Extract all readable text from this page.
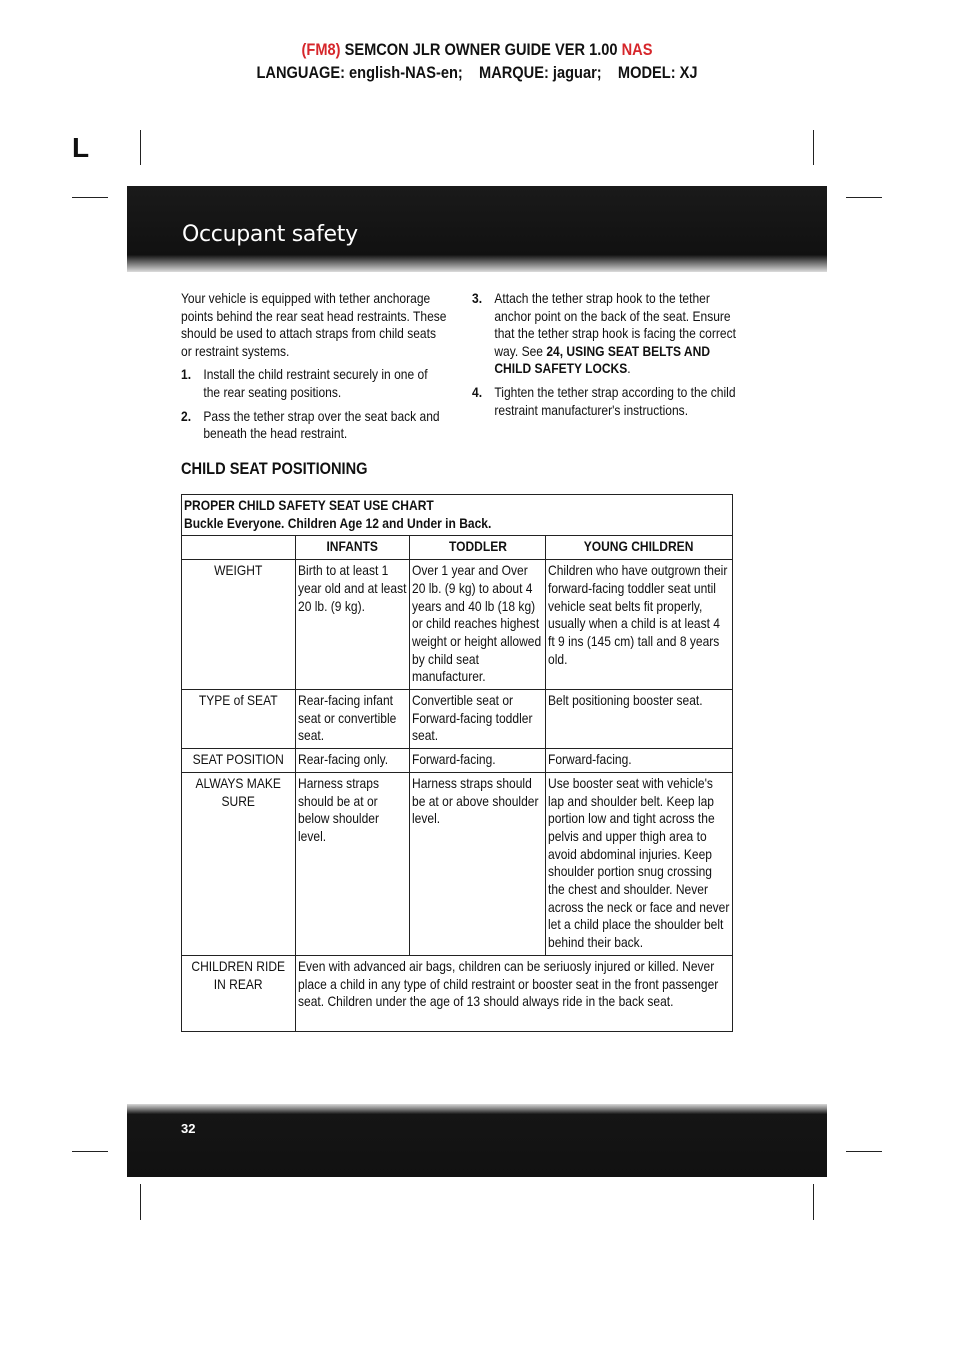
(FM8) SEMCON JLR OWNER GUIDE VER 1.00 NAS
LANGUAGE: english-NAS-en;    MARQUE: jaguar;    MODEL: XJ
L
Occupant safety

Your vehicle is equipped with tether anchorage points behind the rear seat head restraints. These should be used to attach straps from child seats or restraint systems.

1. Install the child restraint securely in one of the rear seating positions.
2. Pass the tether strap over the seat back and beneath the head restraint.
3. Attach the tether strap hook to the tether anchor point on the back of the seat. Ensure that the tether strap hook is facing the correct way. See 24, USING SEAT BELTS AND CHILD SAFETY LOCKS.
4. Tighten the tether strap according to the child restraint manufacturer's instructions.
CHILD SEAT POSITIONING
PROPER CHILD SAFETY SEAT USE CHART
Buckle Everyone. Children Age 12 and Under in Back.			

	INFANTS	TODDLER	YOUNG CHILDREN

WEIGHT	Birth to at least 1 year old and at least 20 lb. (9 kg).	Over 1 year and Over 20 lb. (9 kg) to about 4 years and 40 lb (18 kg) or child reaches highest weight or height allowed by child seat manufacturer.	Children who have outgrown their forward-facing toddler seat until vehicle seat belts fit properly, usually when a child is at least 4 ft 9 ins (145 cm) tall and 8 years old.

TYPE of SEAT	Rear-facing infant seat or convertible seat.	Convertible seat or Forward-facing toddler seat.	Belt positioning booster seat.

SEAT POSITION	Rear-facing only.	Forward-facing.	Forward-facing.

ALWAYS MAKE SURE	Harness straps should be at or below shoulder level.	Harness straps should be at or above shoulder level.	Use booster seat with vehicle's lap and shoulder belt. Keep lap portion low and tight across the pelvis and upper thigh area to avoid abdominal injuries. Keep shoulder portion snug crossing the chest and shoulder. Never across the neck or face and never let a child place the shoulder belt behind their back.

CHILDREN RIDE IN REAR	Even with advanced air bags, children can be seriuosly injured or killed. Never place a child in any type of child restraint or booster seat in the front passenger seat. Children under the age of 13 should always ride in the back seat.		
32
